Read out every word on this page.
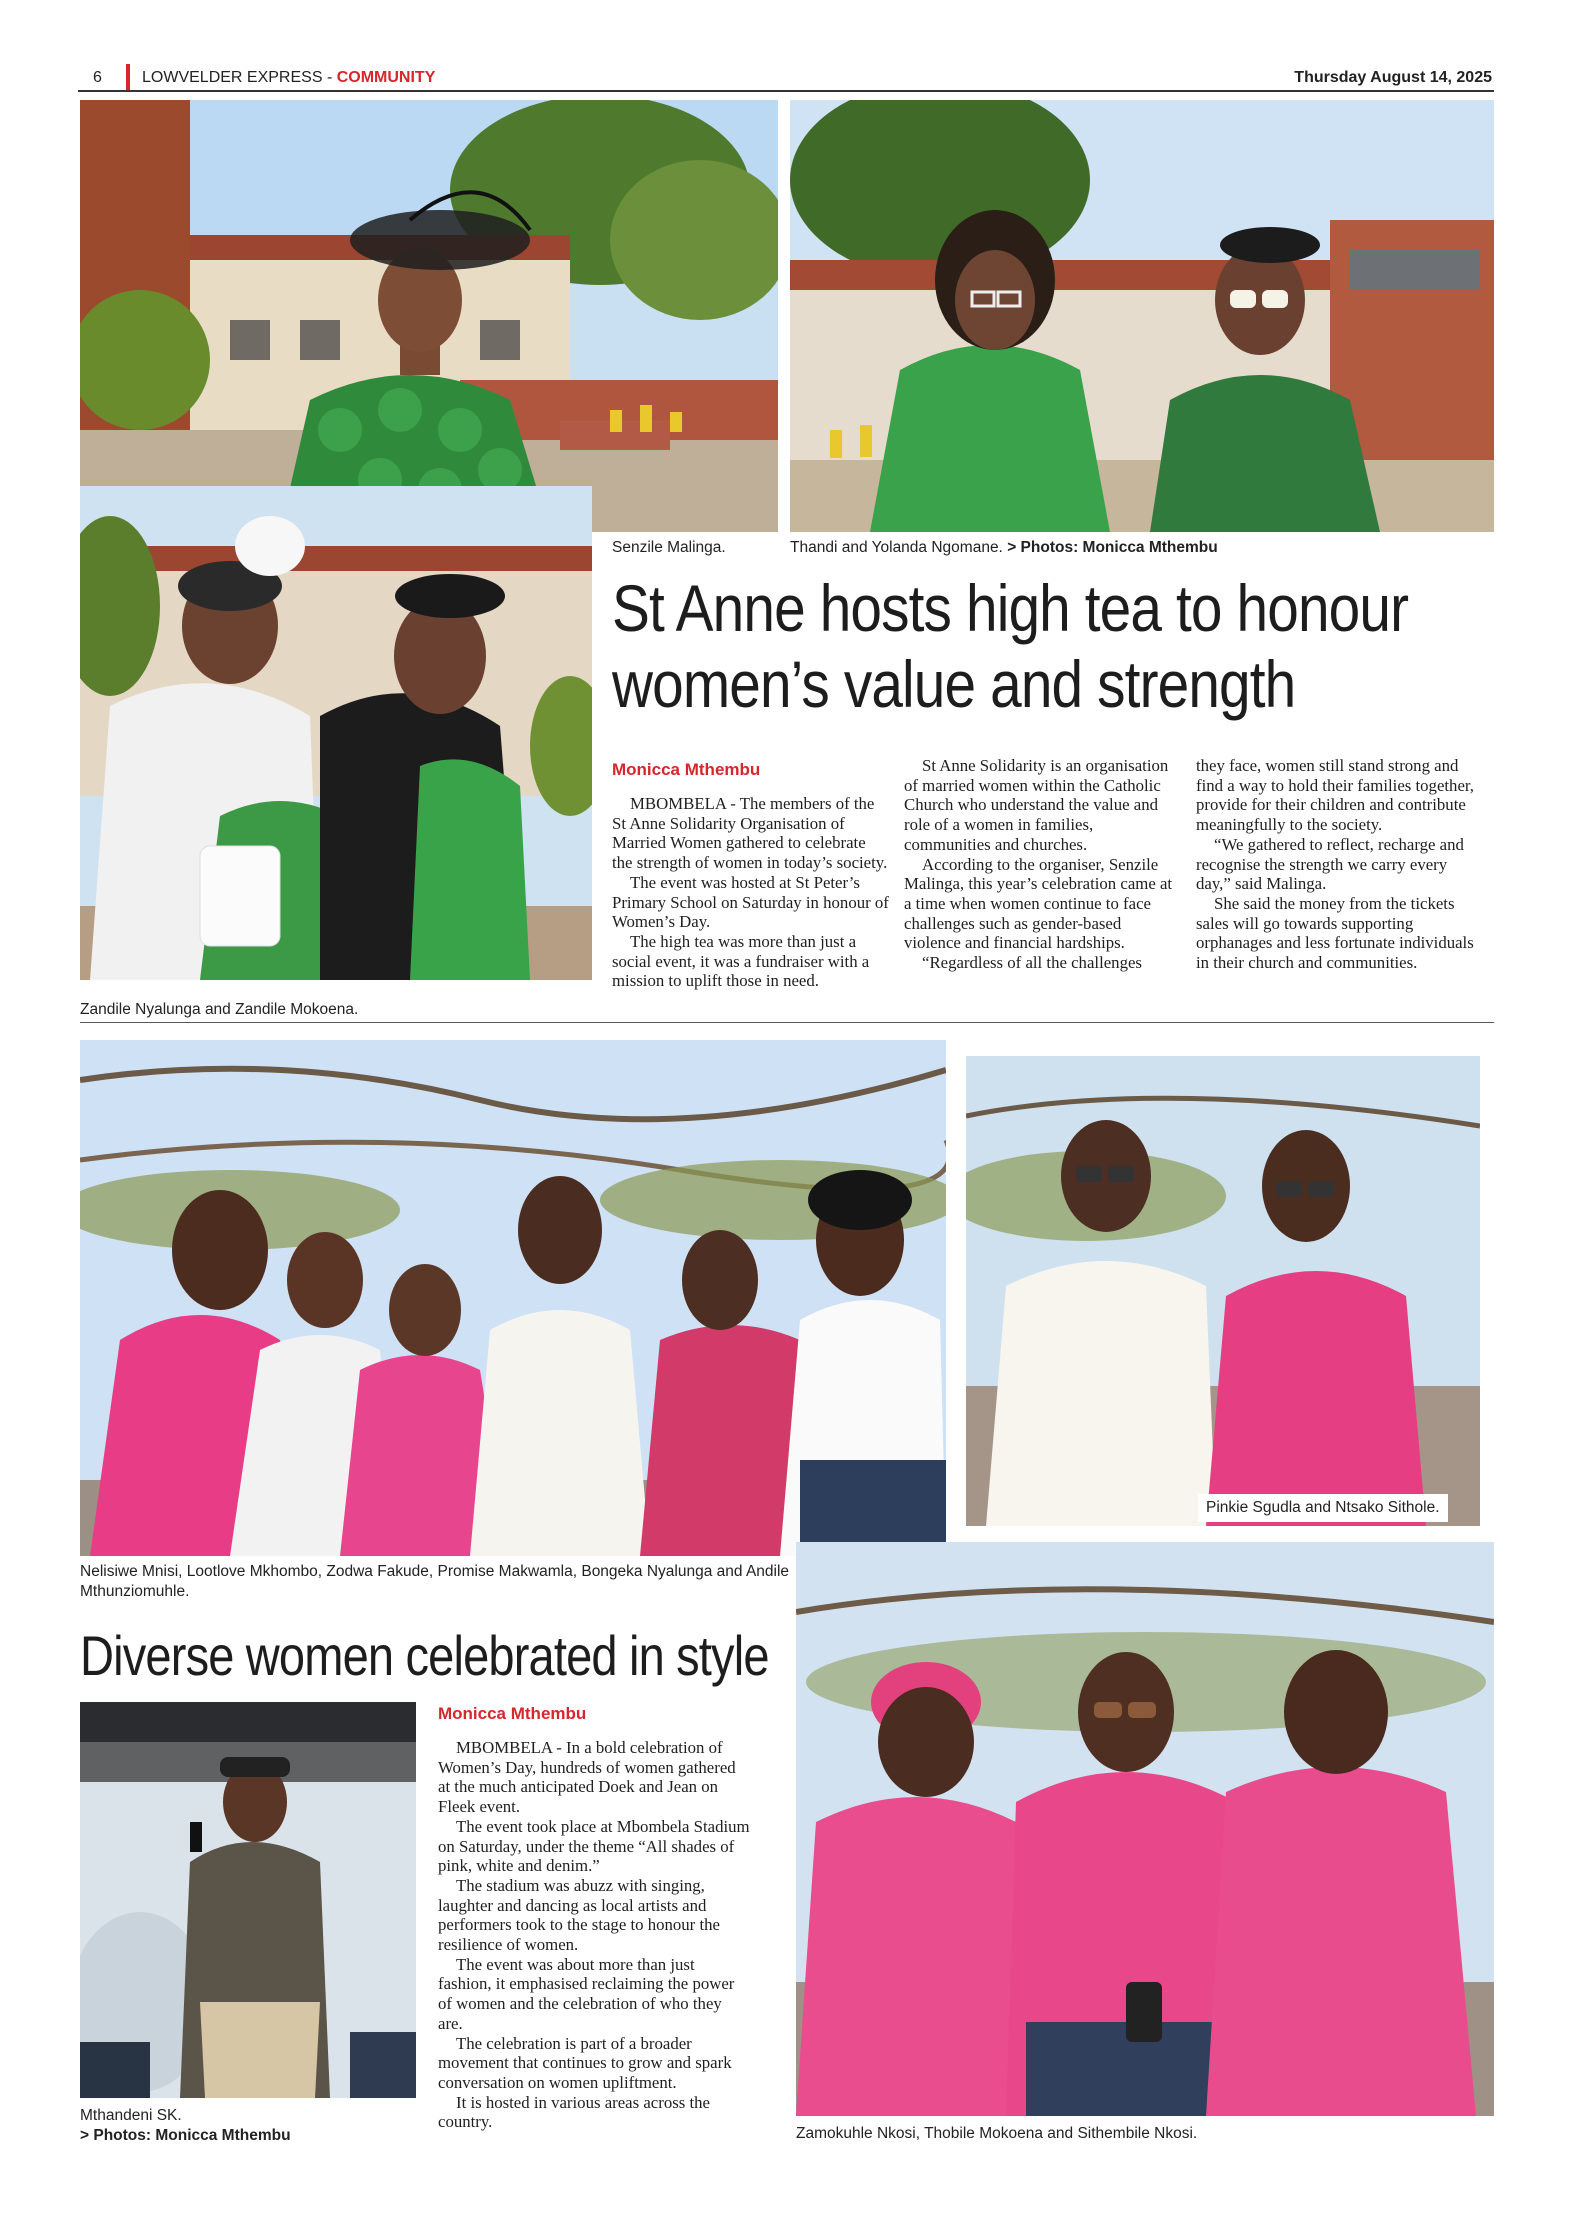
6	LOWVELDER EXPRESS - COMMUNITY	Thursday August 14, 2025
Senzile Malinga.	Thandi and Yolanda Ngomane. > Photos: Monicca Mthembu
Zandile Nyalunga and Zandile Mokoena.
St Anne hosts high tea to honour
women’s value and strength
Monicca Mthembu

MBOMBELA - The members of the St Anne Solidarity Organisation of Married Women gathered to celebrate the strength of women in today’s society.

The event was hosted at St Peter’s Primary School on Saturday in honour of Women’s Day.

The high tea was more than just a social event, it was a fundraiser with a mission to uplift those in need.

St Anne Solidarity is an organisation of married women within the Catholic Church who understand the value and role of a women in families, communities and churches.

According to the organiser, Senzile Malinga, this year’s celebration came at a time when women continue to face challenges such as gender-based violence and financial hardships.

“Regardless of all the challenges

they face, women still stand strong and find a way to hold their families together, provide for their children and contribute meaningfully to the society.

“We gathered to reflect, recharge and recognise the strength we carry every day,” said Malinga.

She said the money from the tickets sales will go towards supporting orphanages and less fortunate individuals in their church and communities.

Pinkie Sgudla and Ntsako Sithole.
Nelisiwe Mnisi, Lootlove Mkhombo, Zodwa Fakude, Promise Makwamla, Bongeka Nyalunga and Andile Mthunziomuhle.
Zamokuhle Nkosi, Thobile Mokoena and Sithembile Nkosi.
Diverse women celebrated in style
Mthandeni SK.
> Photos: Monicca Mthembu
Monicca Mthembu

MBOMBELA - In a bold celebration of Women’s Day, hundreds of women gathered at the much anticipated Doek and Jean on Fleek event.

The event took place at Mbombela Stadium on Saturday, under the theme “All shades of pink, white and denim.”

The stadium was abuzz with singing, laughter and dancing as local artists and performers took to the stage to honour the resilience of women.

The event was about more than just fashion, it emphasised reclaiming the power of women and the celebration of who they are.

The celebration is part of a broader movement that continues to grow and spark conversation on women upliftment.

It is hosted in various areas across the country.
